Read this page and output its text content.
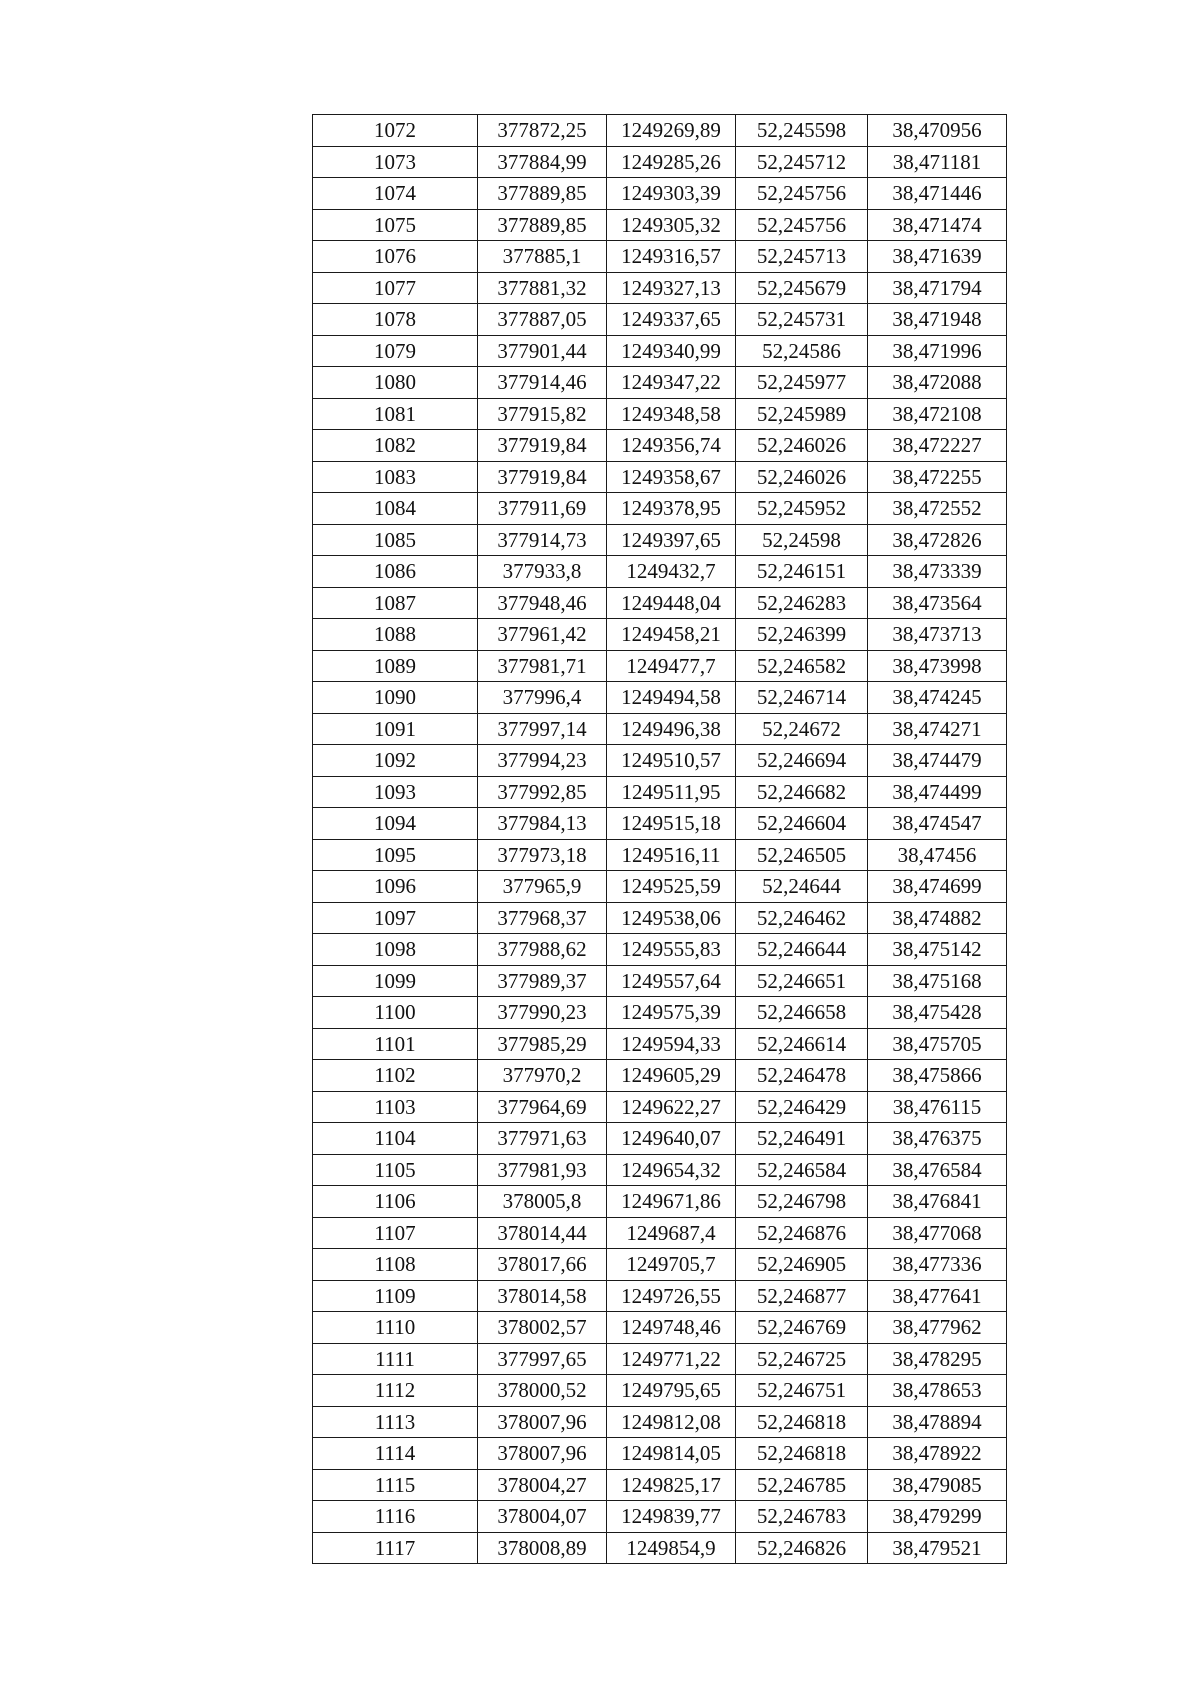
1072	377872,25	1249269,89	52,245598	38,470956
1073	377884,99	1249285,26	52,245712	38,471181
1074	377889,85	1249303,39	52,245756	38,471446
1075	377889,85	1249305,32	52,245756	38,471474
1076	377885,1	1249316,57	52,245713	38,471639
1077	377881,32	1249327,13	52,245679	38,471794
1078	377887,05	1249337,65	52,245731	38,471948
1079	377901,44	1249340,99	52,24586	38,471996
1080	377914,46	1249347,22	52,245977	38,472088
1081	377915,82	1249348,58	52,245989	38,472108
1082	377919,84	1249356,74	52,246026	38,472227
1083	377919,84	1249358,67	52,246026	38,472255
1084	377911,69	1249378,95	52,245952	38,472552
1085	377914,73	1249397,65	52,24598	38,472826
1086	377933,8	1249432,7	52,246151	38,473339
1087	377948,46	1249448,04	52,246283	38,473564
1088	377961,42	1249458,21	52,246399	38,473713
1089	377981,71	1249477,7	52,246582	38,473998
1090	377996,4	1249494,58	52,246714	38,474245
1091	377997,14	1249496,38	52,24672	38,474271
1092	377994,23	1249510,57	52,246694	38,474479
1093	377992,85	1249511,95	52,246682	38,474499
1094	377984,13	1249515,18	52,246604	38,474547
1095	377973,18	1249516,11	52,246505	38,47456
1096	377965,9	1249525,59	52,24644	38,474699
1097	377968,37	1249538,06	52,246462	38,474882
1098	377988,62	1249555,83	52,246644	38,475142
1099	377989,37	1249557,64	52,246651	38,475168
1100	377990,23	1249575,39	52,246658	38,475428
1101	377985,29	1249594,33	52,246614	38,475705
1102	377970,2	1249605,29	52,246478	38,475866
1103	377964,69	1249622,27	52,246429	38,476115
1104	377971,63	1249640,07	52,246491	38,476375
1105	377981,93	1249654,32	52,246584	38,476584
1106	378005,8	1249671,86	52,246798	38,476841
1107	378014,44	1249687,4	52,246876	38,477068
1108	378017,66	1249705,7	52,246905	38,477336
1109	378014,58	1249726,55	52,246877	38,477641
1110	378002,57	1249748,46	52,246769	38,477962
1111	377997,65	1249771,22	52,246725	38,478295
1112	378000,52	1249795,65	52,246751	38,478653
1113	378007,96	1249812,08	52,246818	38,478894
1114	378007,96	1249814,05	52,246818	38,478922
1115	378004,27	1249825,17	52,246785	38,479085
1116	378004,07	1249839,77	52,246783	38,479299
1117	378008,89	1249854,9	52,246826	38,479521
